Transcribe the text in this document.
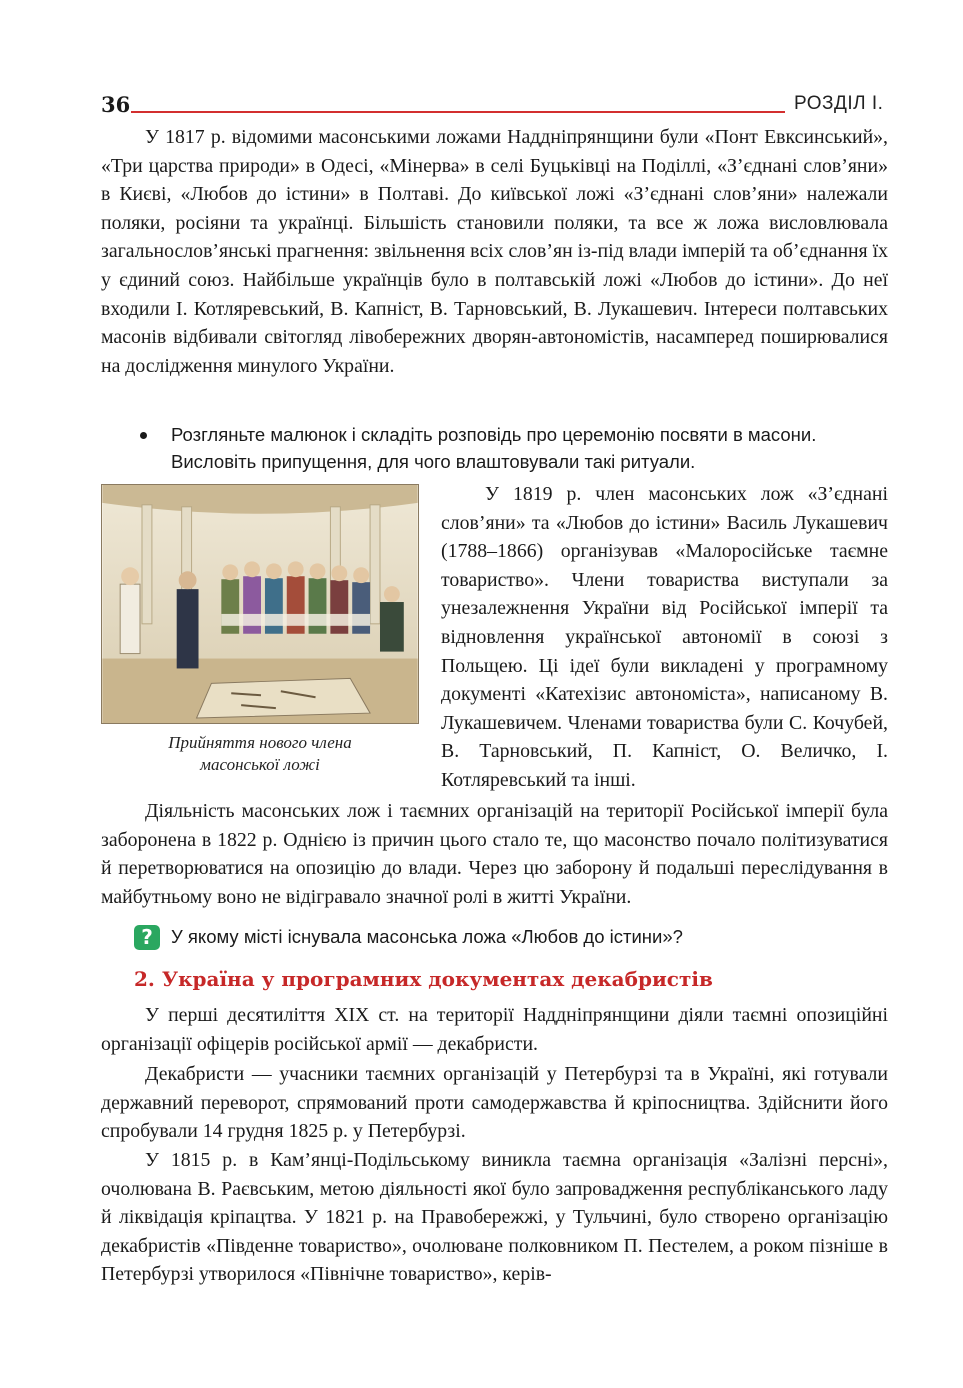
36	РОЗДІЛ І.

У 1817 р. відомими масонськими ложами Наддніпрянщини були «Понт Евксинський», «Три царства природи» в Одесі, «Мінерва» в селі Буцьківці на Поділлі, «З’єднані слов’яни» в Києві, «Любов до істини» в Полтаві. До київської ложі «З’єднані слов’яни» належали поляки, росіяни та українці. Більшість становили поляки, та все ж ложа висловлювала загальнослов’янські прагнення: звільнення всіх слов’ян із-під влади імперій та об’єднання їх у єдиний союз. Найбільше українців було в полтавській ложі «Любов до істини». До неї входили І. Котляревський, В. Капніст, В. Тарновський, В. Лукашевич. Інтереси полтавських масонів відбивали світогляд лівобережних дворян-автономістів, насамперед поширювалися на дослідження минулого України.

Розгляньте малюнок і складіть розповідь про церемонію посвяти в масони. Висловіть припущення, для чого влаштовували такі ритуали.
Прийняття нового члена
масонської ложі

У 1819 р. член масонських лож «З’єднані слов’яни» та «Любов до істини» Василь Лукашевич (1788–1866) організував «Малоросійське таємне товариство». Члени товариства виступали за унезалежнення України від Російської імперії та відновлення української автономії в союзі з Польщею. Ці ідеї були викладені у програмному документі «Катехізис автономіста», написаному В. Лукашевичем. Членами товариства були С. Кочубей, В. Тарновський, П. Капніст, О. Величко, І. Котляревський та інші.

Діяльність масонських лож і таємних організацій на території Російської імперії була заборонена в 1822 р. Однією із причин цього стало те, що масонство почало політизуватися й перетворюватися на опозицію до влади. Через цю заборону й подальші переслідування в майбутньому воно не відігравало значної ролі в житті України.

? У якому місті існувала масонська ложа «Любов до істини»?
2. Україна у програмних документах декабристів

У перші десятиліття ХІХ ст. на території Наддніпрянщини діяли таємні опозиційні організації офіцерів російської армії — декабристи.

Декабристи — учасники таємних організацій у Петербурзі та в Україні, які готували державний переворот, спрямований проти самодержавства й кріпосництва. Здійснити його спробували 14 грудня 1825 р. у Петербурзі.

У 1815 р. в Кам’янці-Подільському виникла таємна організація «Залізні персні», очолювана В. Раєвським, метою діяльності якої було запровадження республіканського ладу й ліквідація кріпацтва. У 1821 р. на Правобережжі, у Тульчині, було створено організацію декабристів «Південне товариство», очолюване полковником П. Пестелем, а роком пізніше в Петербурзі утворилося «Північне товариство», керів-
